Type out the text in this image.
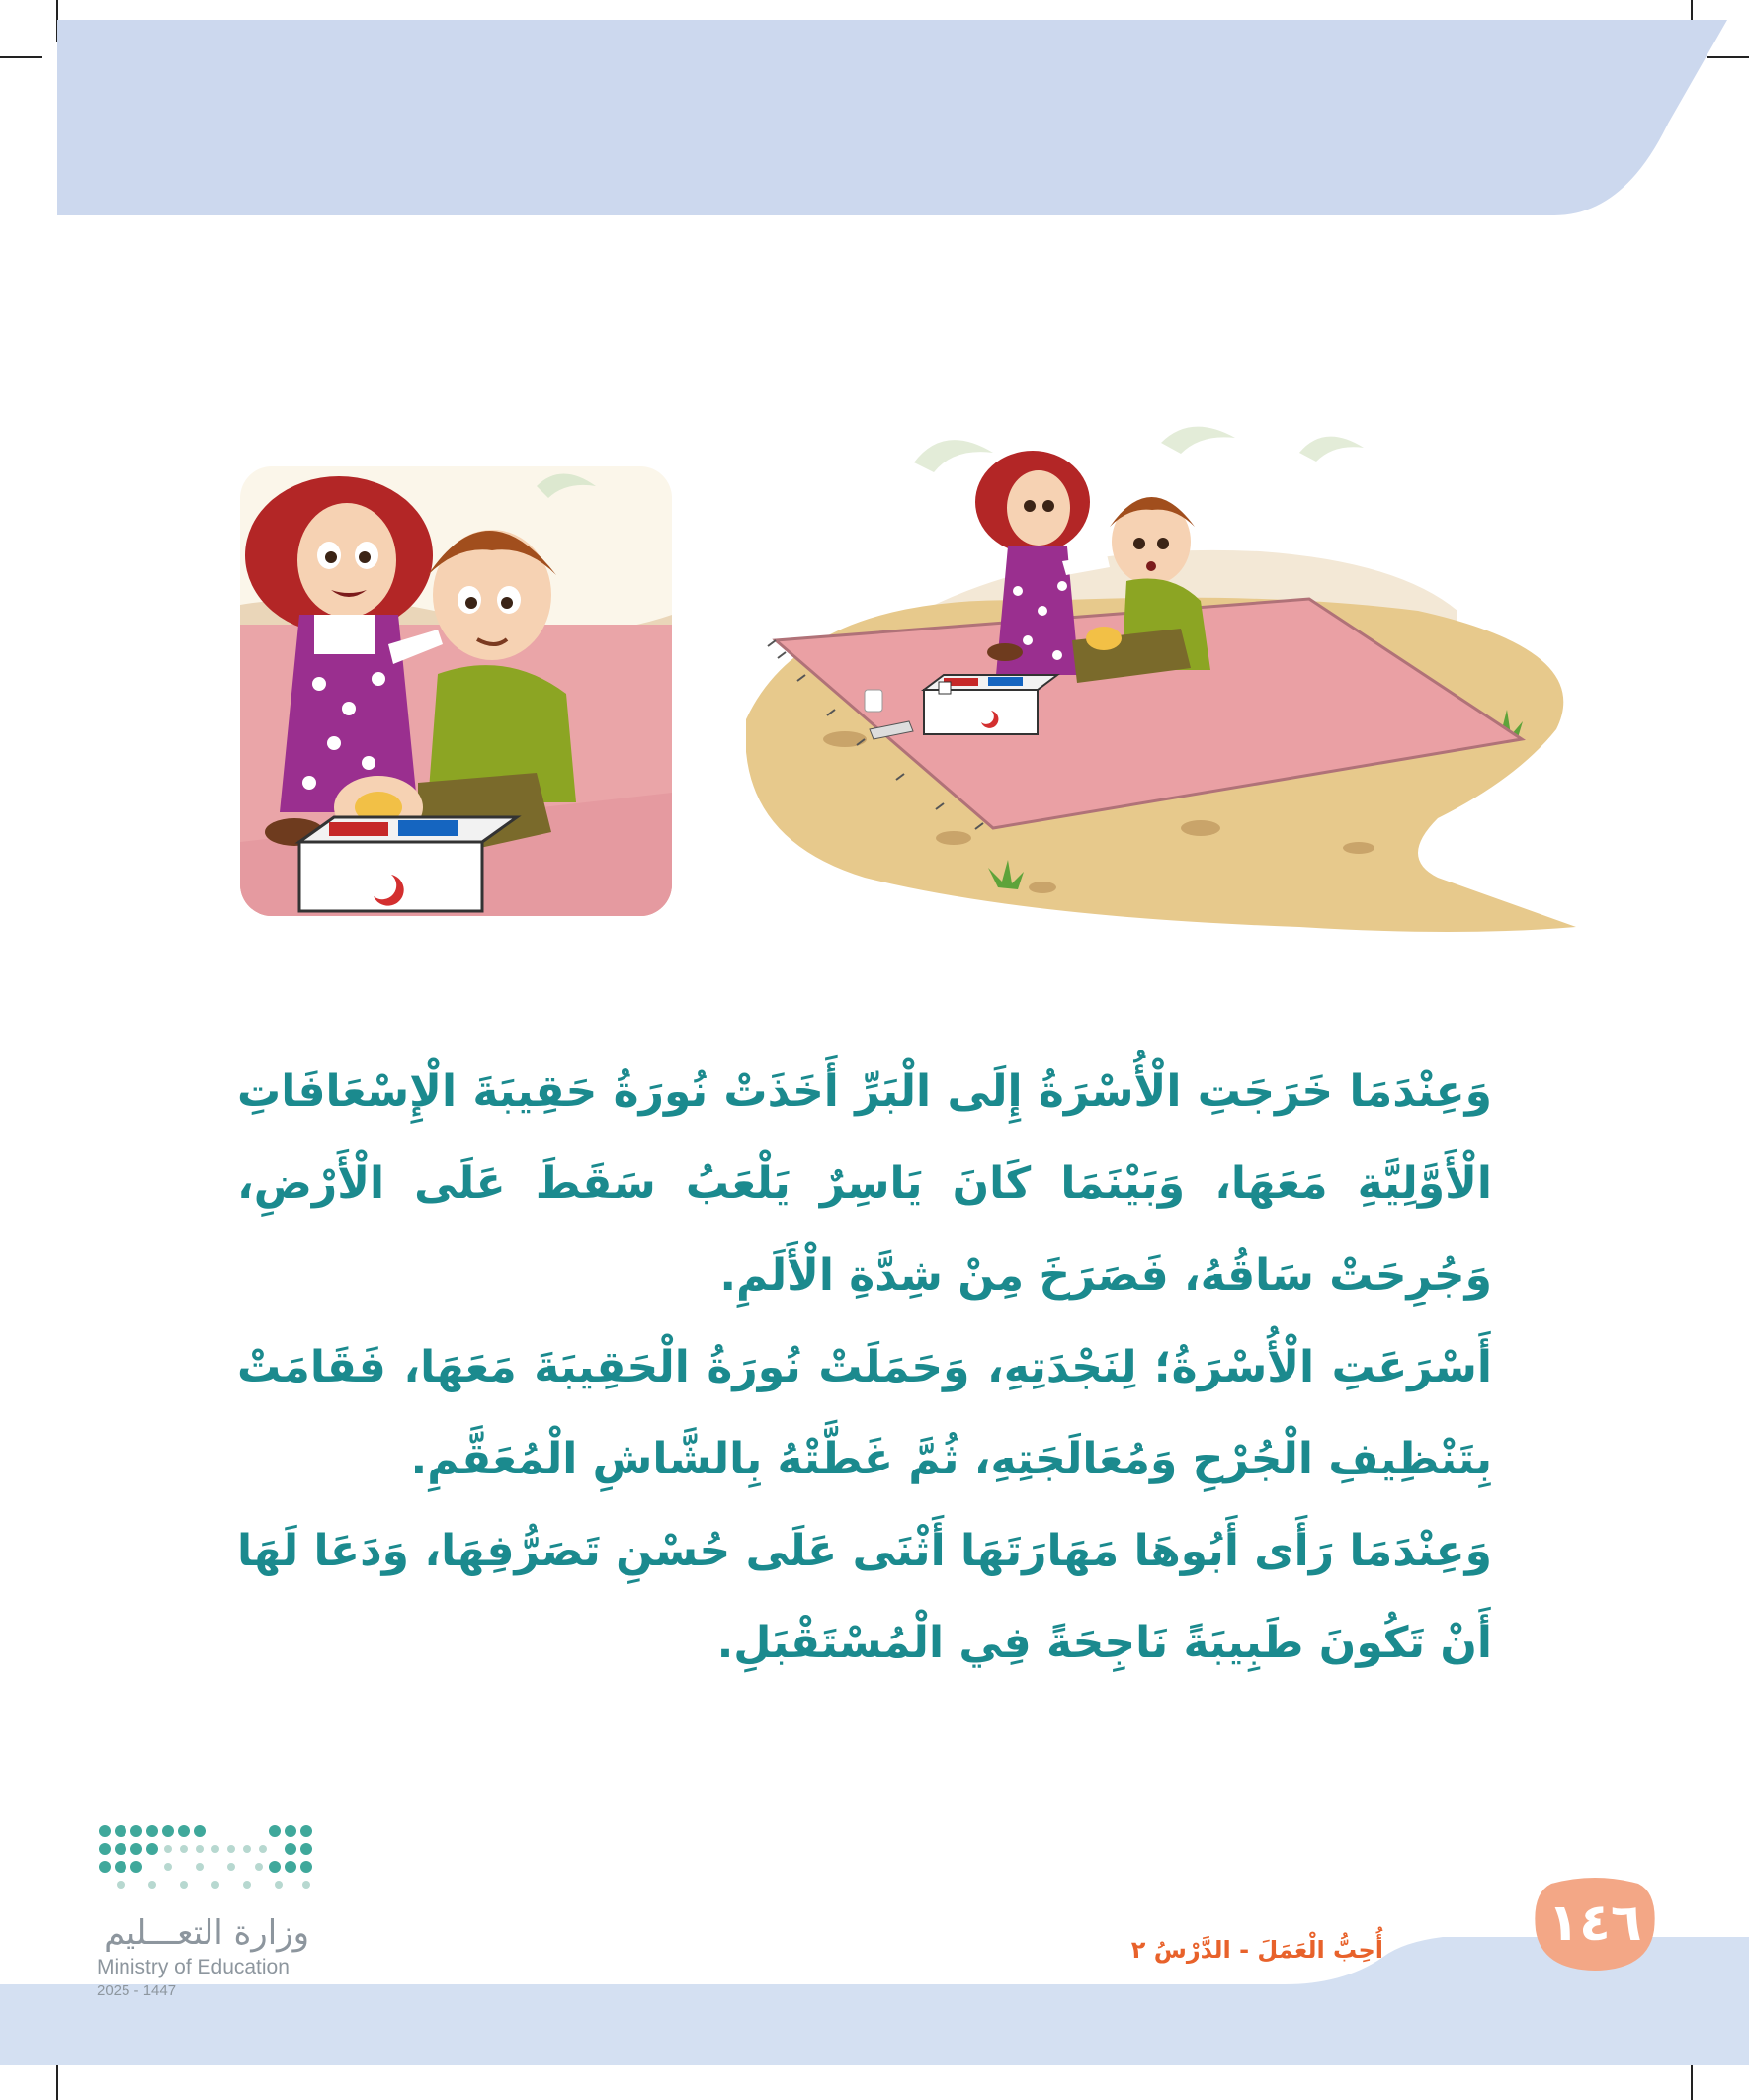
وَعِنْدَمَا خَرَجَتِ الْأُسْرَةُ إِلَى الْبَرِّ أَخَذَتْ نُورَةُ حَقِيبَةَ الْإِسْعَافَاتِ الْأَوَّلِيَّةِ مَعَهَا، وَبَيْنَمَا كَانَ يَاسِرٌ يَلْعَبُ سَقَطَ عَلَى الْأَرْضِ، وَجُرِحَتْ سَاقُهُ، فَصَرَخَ مِنْ شِدَّةِ الْأَلَمِ.

أَسْرَعَتِ الْأُسْرَةُ؛ لِنَجْدَتِهِ، وَحَمَلَتْ نُورَةُ الْحَقِيبَةَ مَعَهَا، فَقَامَتْ بِتَنْظِيفِ الْجُرْحِ وَمُعَالَجَتِهِ، ثُمَّ غَطَّتْهُ بِالشَّاشِ الْمُعَقَّمِ.

وَعِنْدَمَا رَأَى أَبُوهَا مَهَارَتَهَا أَثْنَى عَلَى حُسْنِ تَصَرُّفِهَا، وَدَعَا لَهَا أَنْ تَكُونَ طَبِيبَةً نَاجِحَةً فِي الْمُسْتَقْبَلِ.

١٤٦
أُحِبُّ الْعَمَلَ - الدَّرْسُ ٢
وزارة التعـــليم
Ministry of Education
2025 - 1447
